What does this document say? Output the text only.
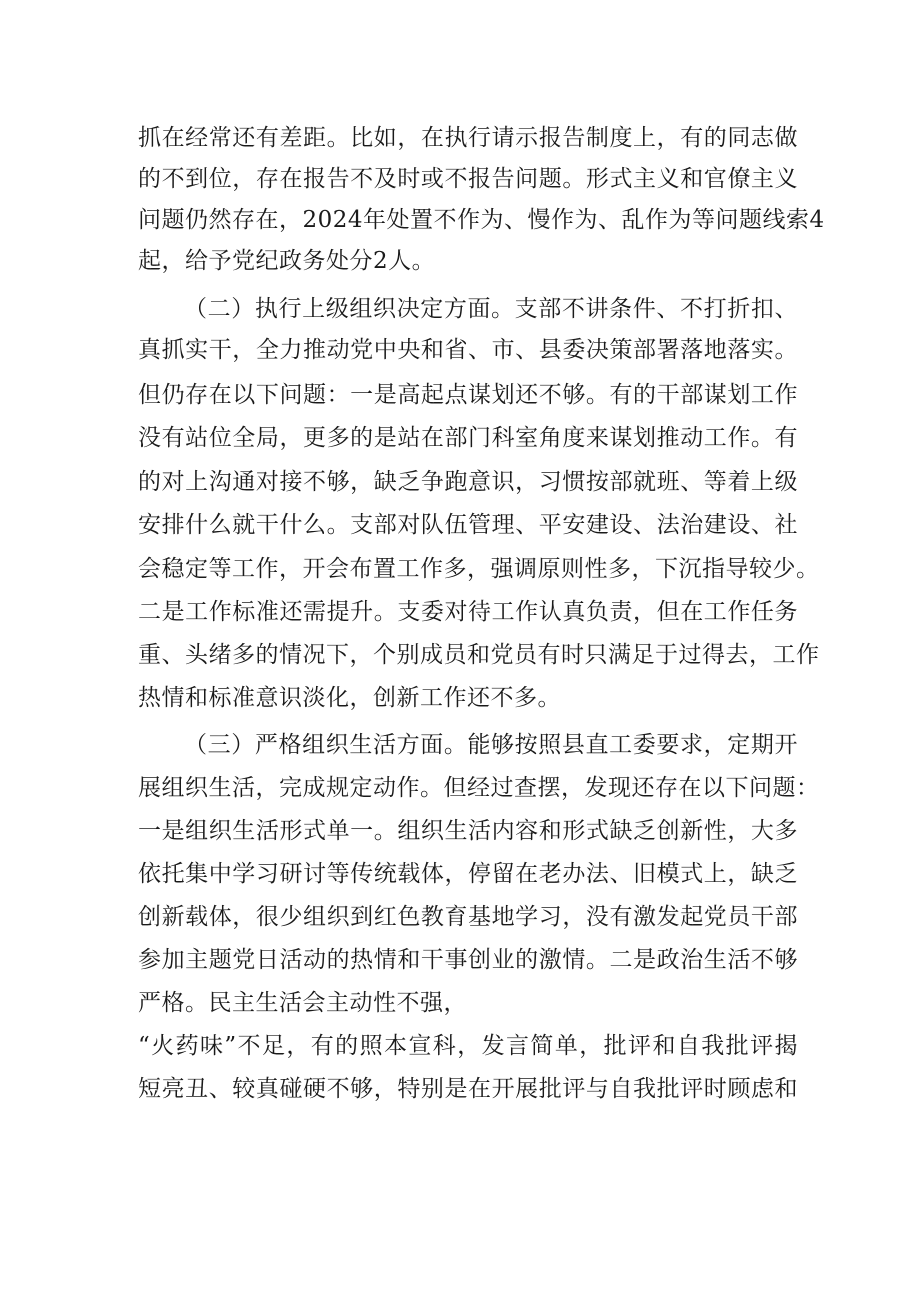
抓在经常还有差距。比如，在执行请示报告制度上，有的同志做
的不到位，存在报告不及时或不报告问题。形式主义和官僚主义
问题仍然存在，2024年处置不作为、慢作为、乱作为等问题线索4
起，给予党纪政务处分2人。
（二）执行上级组织决定方面。支部不讲条件、不打折扣、
真抓实干，全力推动党中央和省、市、县委决策部署落地落实。
但仍存在以下问题：一是高起点谋划还不够。有的干部谋划工作
没有站位全局，更多的是站在部门科室角度来谋划推动工作。有
的对上沟通对接不够，缺乏争跑意识，习惯按部就班、等着上级
安排什么就干什么。支部对队伍管理、平安建设、法治建设、社
会稳定等工作，开会布置工作多，强调原则性多，下沉指导较少。
二是工作标准还需提升。支委对待工作认真负责，但在工作任务
重、头绪多的情况下，个别成员和党员有时只满足于过得去，工作
热情和标准意识淡化，创新工作还不多。
（三）严格组织生活方面。能够按照县直工委要求，定期开
展组织生活，完成规定动作。但经过查摆，发现还存在以下问题：
一是组织生活形式单一。组织生活内容和形式缺乏创新性，大多
依托集中学习研讨等传统载体，停留在老办法、旧模式上，缺乏
创新载体，很少组织到红色教育基地学习，没有激发起党员干部
参加主题党日活动的热情和干事创业的激情。二是政治生活不够
严格。民主生活会主动性不强，
“火药味”不足，有的照本宣科，发言简单，批评和自我批评揭
短亮丑、较真碰硬不够，特别是在开展批评与自我批评时顾虑和
